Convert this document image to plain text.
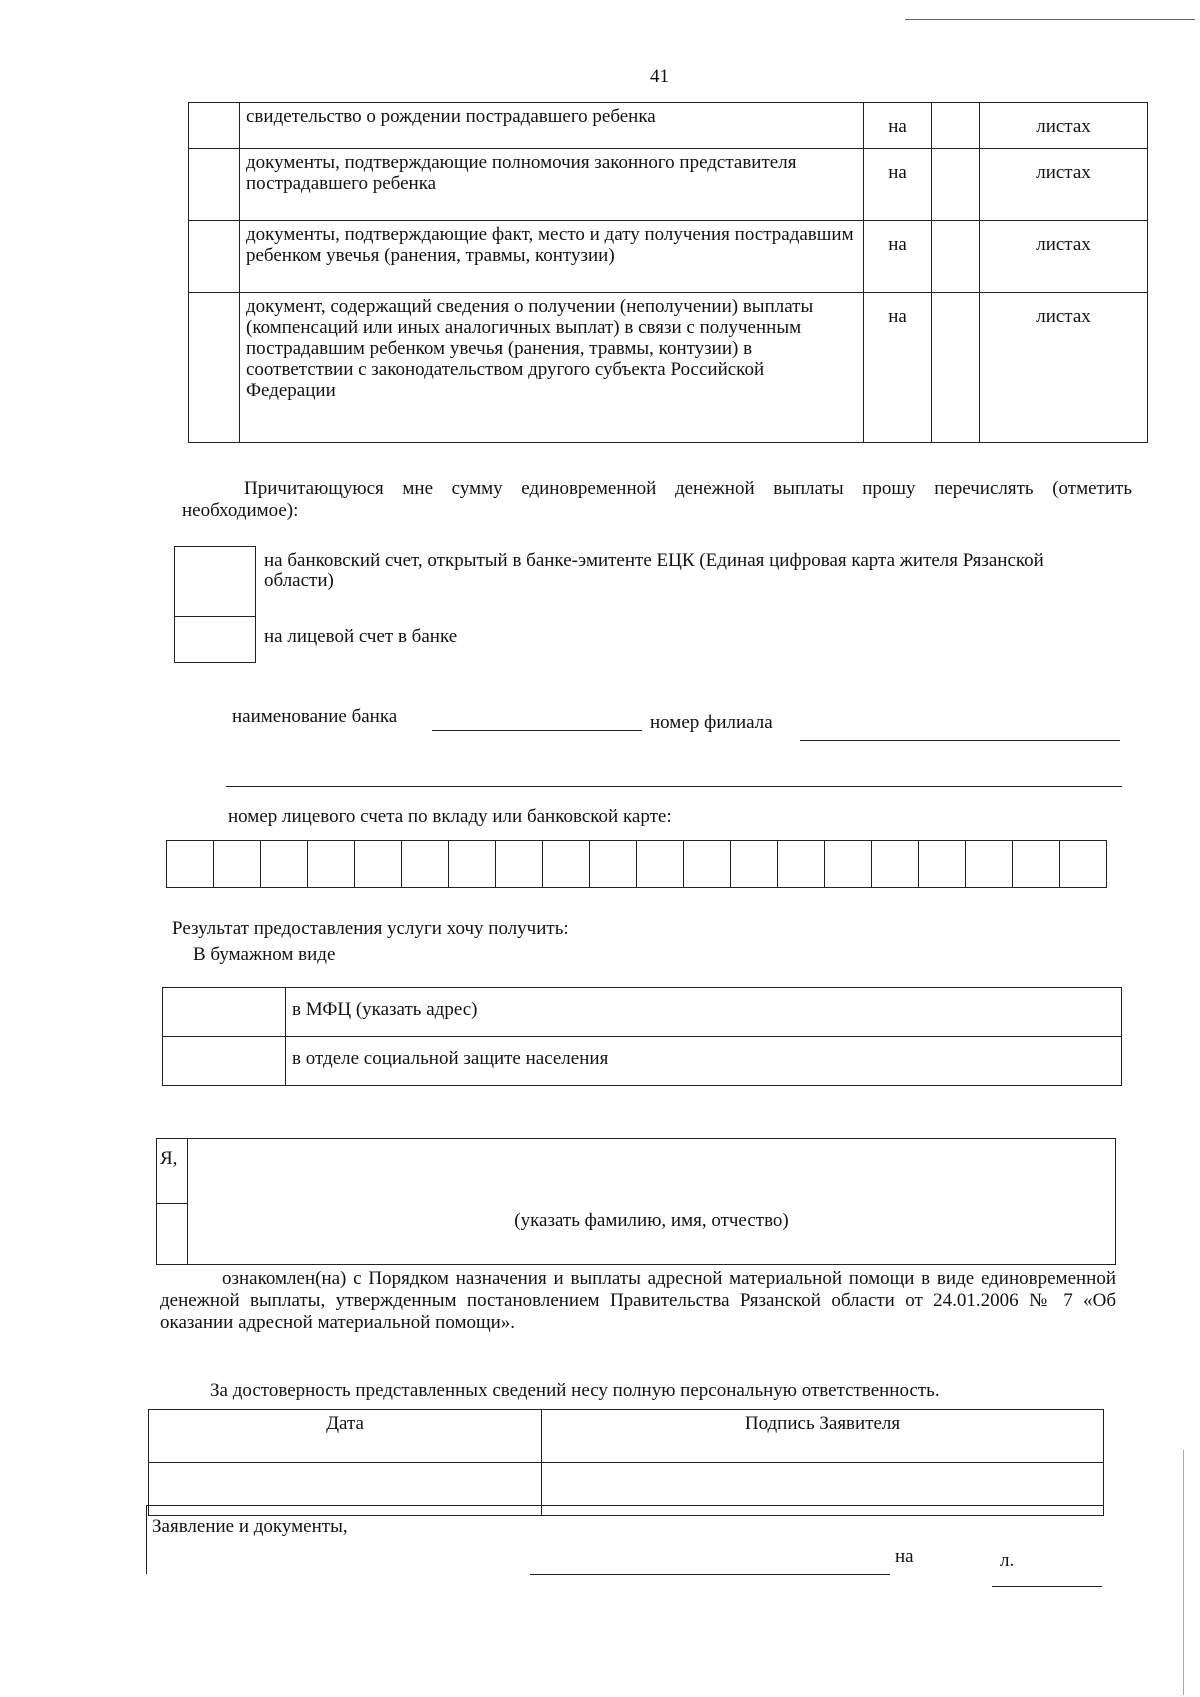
41
	свидетельство о рождении пострадавшего ребенка	на		листах
	документы, подтверждающие полномочия законного представителя пострадавшего ребенка	на		листах
	документы, подтверждающие факт, место и дату получения пострадавшим ребенком увечья (ранения, травмы, контузии)	на		листах
	документ, содержащий сведения о получении (неполучении) выплаты (компенсаций или иных аналогичных выплат) в связи с полученным пострадавшим ребенком увечья (ранения, травмы, контузии) в соответствии с законодательством другого субъекта Российской Федерации	на		листах
Причитающуюся мне сумму единовременной денежной выплаты прошу перечислять (отметить необходимое):
	на банковский счет, открытый в банке-эмитенте ЕЦК (Единая цифровая карта жителя Рязанской области)
	на лицевой счет в банке
наименование банка	номер филиала
номер лицевого счета по вкладу или банковской карте:

Результат предоставления услуги хочу получить:
В бумажном виде
	в МФЦ (указать адрес)
	в отделе социальной защите населения
Я,	(указать фамилию, имя, отчество)

ознакомлен(на) с Порядком назначения и выплаты адресной материальной помощи в виде единовременной денежной выплаты, утвержденным постановлением Правительства Рязанской области от 24.01.2006 № 7 «Об оказании адресной материальной помощи».
За достоверность представленных сведений несу полную персональную ответственность.
Дата	Подпись Заявителя

Заявление и документы,
на	л.
